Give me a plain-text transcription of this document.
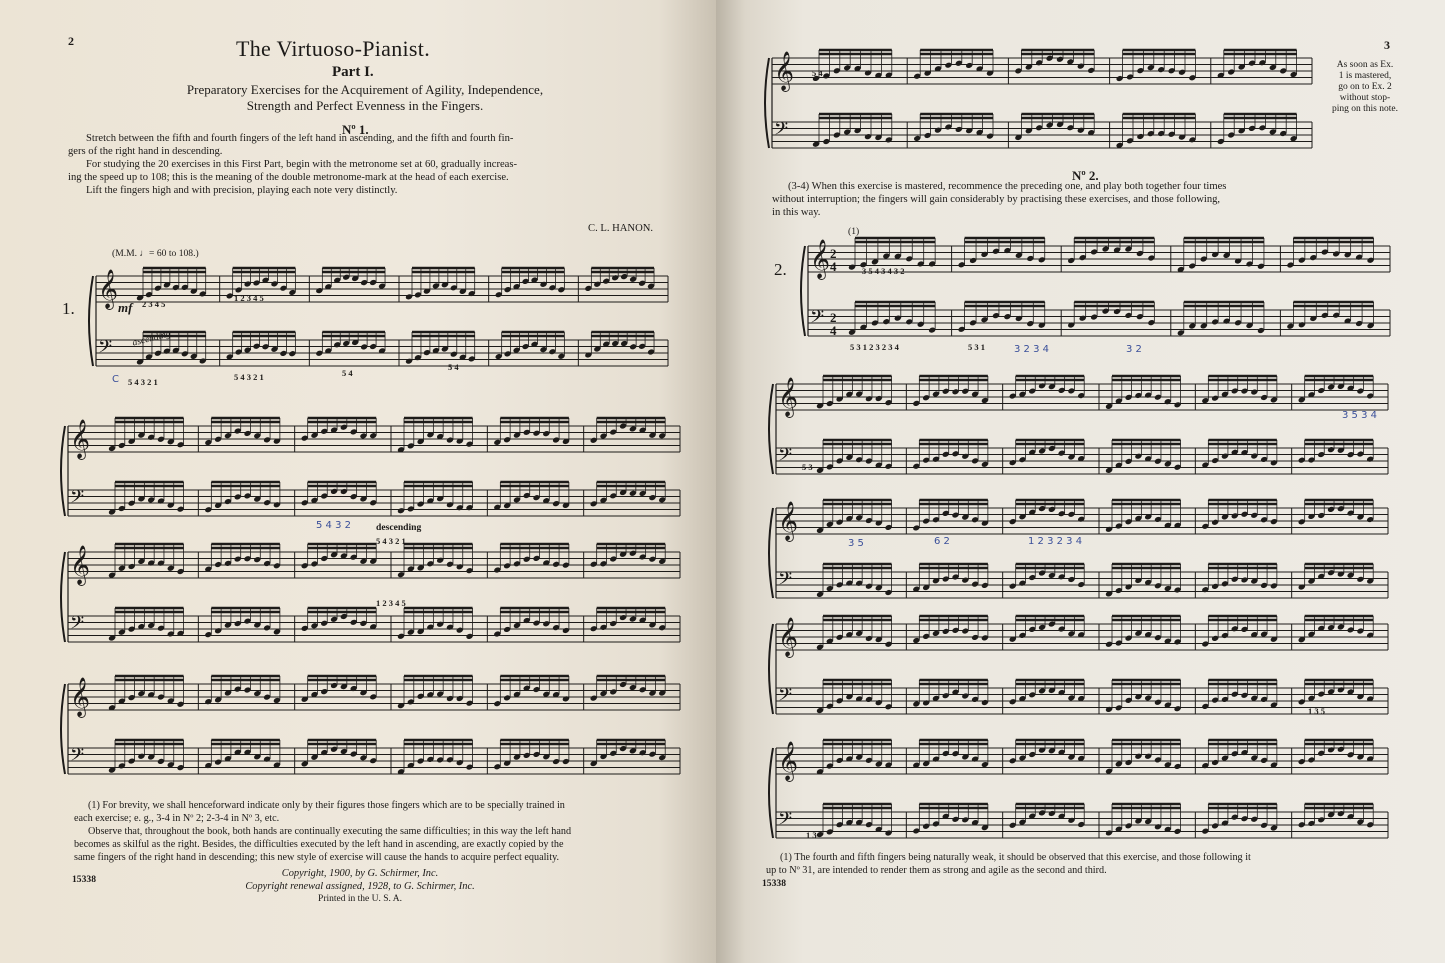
2	The Virtuoso-Pianist.
Part I.
Preparatory Exercises for the Acquirement of Agility, Independence,
Strength and Perfect Evenness in the Fingers.
Nº 1.
Stretch between the fifth and fourth fingers of the left hand in ascending, and the fifth and fourth fin-
gers of the right hand in descending.
For studying the 20 exercises in this First Part, begin with the metronome set at 60, gradually increas-
ing the speed up to 108; this is the meaning of the double metronome-mark at the head of each exercise.
Lift the fingers high and with precision, playing each note very distinctly.
C. L. HANON.
(M.M. ♩= 60 to 108.)
1.	mf
ascending
descending
2 3 4 5
1 2 3 4 5
5 4 3 2 1	5 4 3 2 1	5 4
5 4
5 4 3 2 1
1 2 3 4 5
C
5 4 3 2
𝄞
𝄢
𝄞
𝄢
𝄞
𝄢
𝄞
𝄢
(1) For brevity, we shall henceforward indicate only by their figures those fingers which are to be specially trained in
each exercise; e. g., 3-4 in Nº 2; 2-3-4 in Nº 3, etc.
Observe that, throughout the book, both hands are continually executing the same difficulties; in this way the left hand
becomes as skilful as the right. Besides, the difficulties executed by the left hand in ascending, are exactly copied by the
same fingers of the right hand in descending; this new style of exercise will cause the hands to acquire perfect equality.
15338
Copyright, 1900, by G. Schirmer, Inc.
Copyright renewal assigned, 1928, to G. Schirmer, Inc.
Printed in the U. S. A.
3
𝄞
𝄢
5 4
As soon as Ex.
1 is mastered,
go on to Ex. 2
without stop-
ping on this note.
Nº 2.
(3-4) When this exercise is mastered, recommence the preceding one, and play both together four times
without interruption; the fingers will gain considerably by practising these exercises, and those following,
in this way.
(1)
2. 𝄞
𝄢
2
4
2
4
3 5 4 3 4 3 2
5 3 1 2 3 2 3 4	5 3 1	3 2 3 4	3 2
𝄞
𝄢 5 3
3 5 3 4
𝄞
𝄢
3 5	6 2	1 2 3 2 3 4
𝄞
𝄢
1 3 5
𝄞
𝄢
1 3
(1) The fourth and fifth fingers being naturally weak, it should be observed that this exercise, and those following it
up to Nº 31, are intended to render them as strong and agile as the second and third.
15338
